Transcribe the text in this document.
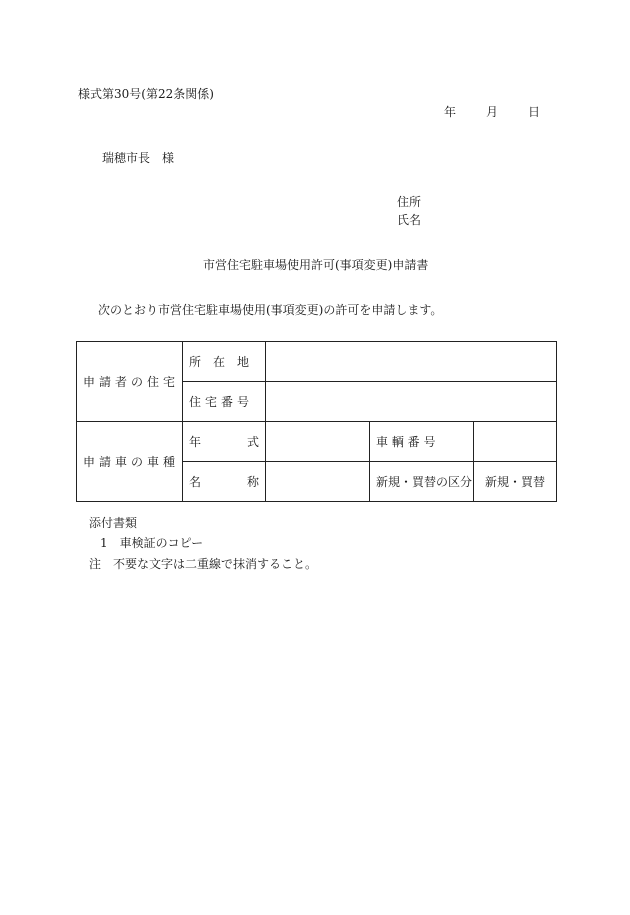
様式第30号(第22条関係)
年	月	日
瑞穂市長　様
住所
氏名
市営住宅駐車場使用許可(事項変更)申請書
次のとおり市営住宅駐車場使用(事項変更)の許可を申請します。
申請者の住宅	所　在　地			
	住宅番号			
申請車の車種	年 式		車 輌 番 号	

	名 称		新規・買替の区分	新規・買替
添付書類
1　車検証のコピー
注　不要な文字は二重線で抹消すること。
